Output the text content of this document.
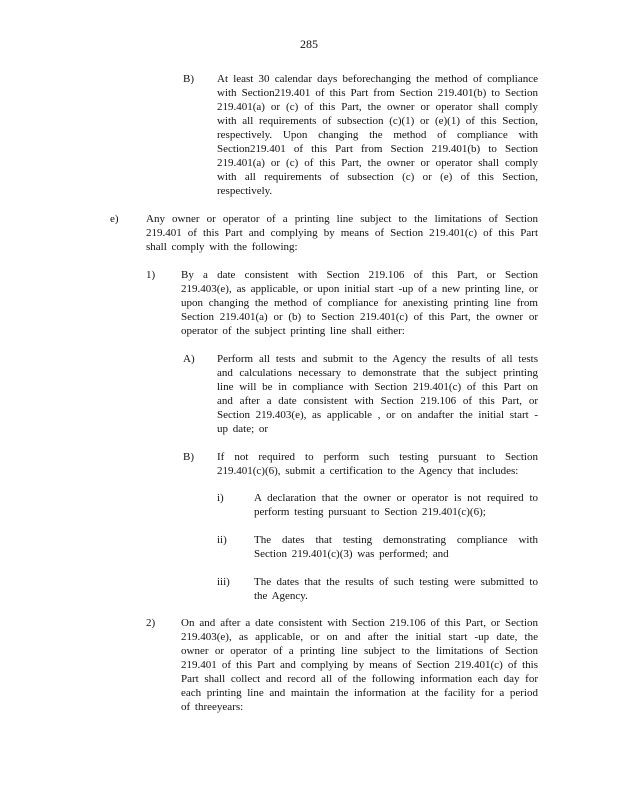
285
B) At least 30 calendar days beforechanging the method of compliance with Section219.401 of this Part from Section 219.401(b) to Section 219.401(a) or (c) of this Part, the owner or operator shall comply with all requirements of subsection (c)(1) or (e)(1) of this Section, respectively. Upon changing the method of compliance with Section219.401 of this Part from Section 219.401(b) to Section 219.401(a) or (c) of this Part, the owner or operator shall comply with all requirements of subsection (c) or (e) of this Section, respectively.
e) Any owner or operator of a printing line subject to the limitations of Section 219.401 of this Part and complying by means of Section 219.401(c) of this Part shall comply with the following:
1) By a date consistent with Section 219.106 of this Part, or Section 219.403(e), as applicable, or upon initial start -up of a new printing line, or upon changing the method of compliance for anexisting printing line from Section 219.401(a) or (b) to Section 219.401(c) of this Part, the owner or operator of the subject printing line shall either:
A) Perform all tests and submit to the Agency the results of all tests and calculations necessary to demonstrate that the subject printing line will be in compliance with Section 219.401(c) of this Part on and after a date consistent with Section 219.106 of this Part, or Section 219.403(e), as applicable , or on andafter the initial start -up date; or
B) If not required to perform such testing pursuant to Section 219.401(c)(6), submit a certification to the Agency that includes:
i)	A declaration that the owner or operator is not required to perform testing pursuant to Section 219.401(c)(6);
ii) The dates that testing demonstrating compliance with Section 219.401(c)(3) was performed; and
iii) The dates that the results of such testing were submitted to the Agency.
2) On and after a date consistent with Section 219.106 of this Part, or Section 219.403(e), as applicable, or on and after the initial start -up date, the owner or operator of a printing line subject to the limitations of Section 219.401 of this Part and complying by means of Section 219.401(c) of this Part shall collect and record all of the following information each day for each printing line and maintain the information at the facility for a period of threeyears:
